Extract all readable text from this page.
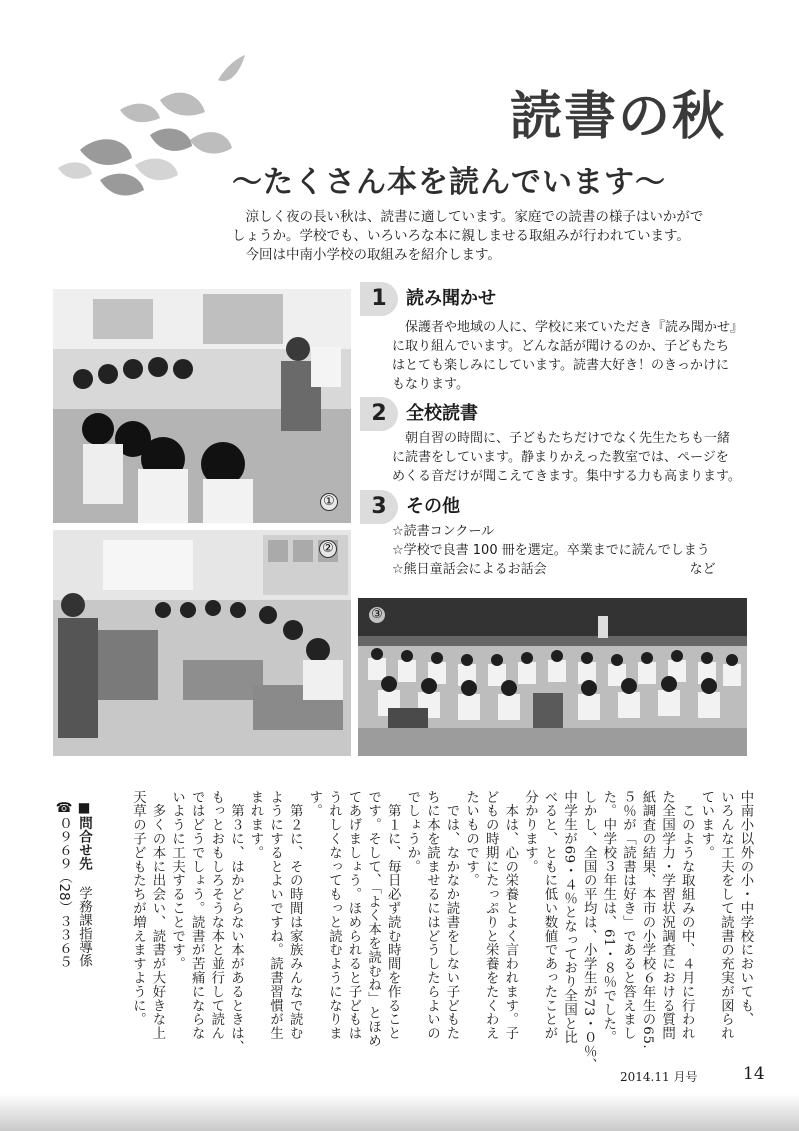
読書の秋
〜たくさん本を読んでいます〜

涼しく夜の長い秋は、読書に適しています。家庭での読書の様子はいかがで

しょうか。学校でも、いろいろな本に親しませる取組みが行われています。

今回は中南小学校の取組みを紹介します。

①
②
③
1	読み聞かせ

保護者や地域の人に、学校に来ていただき『読み聞かせ』

に取り組んでいます。どんな話が聞けるのか、子どもたち

はとても楽しみにしています。読書大好き！のきっかけに

もなります。

2	全校読書

朝自習の時間に、子どもたちだけでなく先生たちも一緒

に読書をしています。静まりかえった教室では、ページを

めくる音だけが聞こえてきます。集中する力も高まります。

3	その他

☆読書コンクール

☆学校で良書 100 冊を選定。卒業までに読んでしまう

☆熊日童話会によるお話会　　　　　　　　　　　など

中南小以外の小・中学校においても、
いろんな工夫をして読書の充実が図られ
ています。
　このような取組みの中、４月に行われ
た全国学力・学習状況調査における質問
紙調査の結果、本市の小学校６年生の65.
５％が「読書は好き」であると答えまし
た。中学校３年生は、61・８％でした。
しかし、全国の平均は、小学生が73・０％、
中学生が69・４％となっており全国と比
べると、ともに低い数値であったことが
分かります。
　本は、心の栄養とよく言われます。子
どもの時期にたっぷりと栄養をたくわえ
たいものです。
　では、なかなか読書をしない子どもた
ちに本を読ませるにはどうしたらよいの
でしょうか。
　第１に、毎日必ず読む時間を作ること
です。そして、「よく本を読むね」とほめ
てあげましょう。ほめられると子どもは
うれしくなってもっと読むようになりま
す。
　第２に、その時間は家族みんなで読む
ようにするとよいですね。読書習慣が生
まれます。
　第３に、はかどらない本があるときは、
もっとおもしろそうな本と並行して読ん
ではどうでしょう。読書が苦痛にならな
いように工夫することです。
　多くの本に出会い、読書が大好きな上
天草の子どもたちが増えますように。
■問合せ先
学務課指導係
☎０９６９（28）３３６５
2014.11 月号	14
